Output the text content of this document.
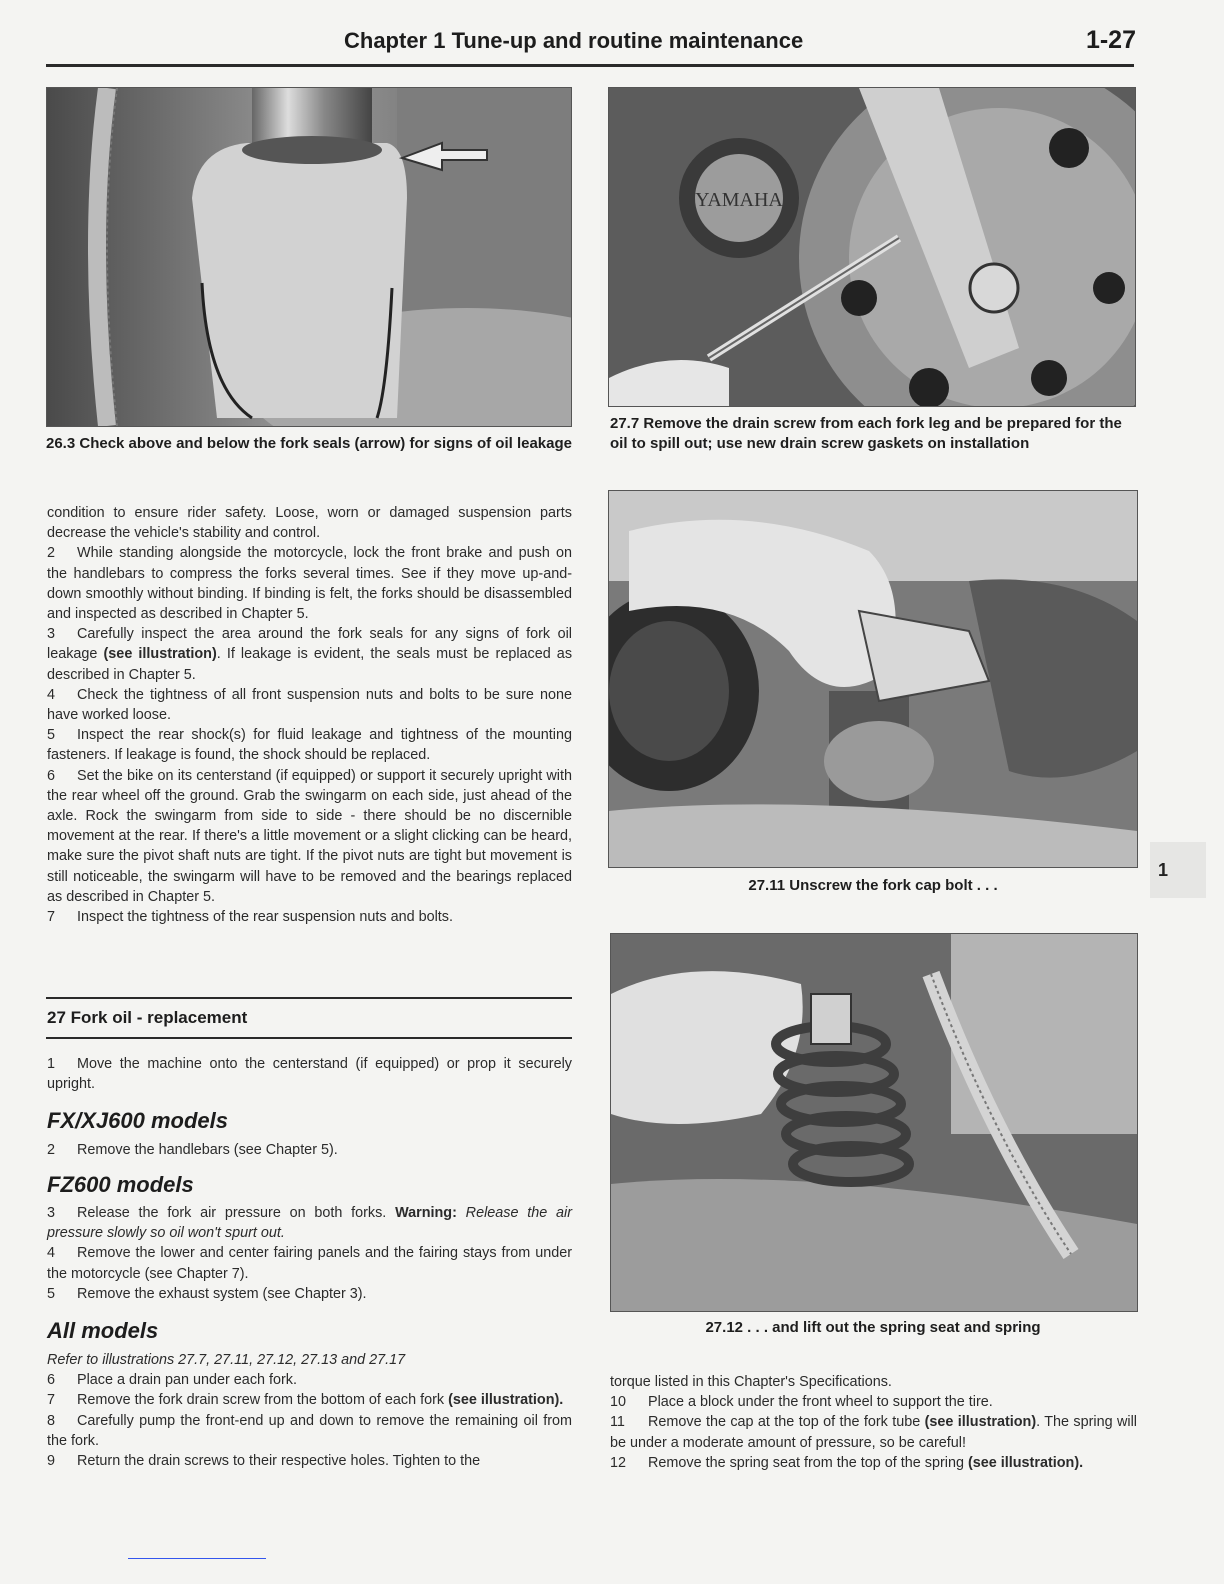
Chapter 1 Tune-up and routine maintenance	1-27
26.3 Check above and below the fork seals (arrow) for signs of oil leakage
YAMAHA
27.7 Remove the drain screw from each fork leg and be prepared for the oil to spill out; use new drain screw gaskets on installation
27.11 Unscrew the fork cap bolt . . .
27.12 . . . and lift out the spring seat and spring

condition to ensure rider safety. Loose, worn or damaged suspension parts decrease the vehicle's stability and control.

2 While standing alongside the motorcycle, lock the front brake and push on the handlebars to compress the forks several times. See if they move up-and-down smoothly without binding. If binding is felt, the forks should be disassembled and inspected as described in Chapter 5.

3 Carefully inspect the area around the fork seals for any signs of fork oil leakage (see illustration). If leakage is evident, the seals must be replaced as described in Chapter 5.

4 Check the tightness of all front suspension nuts and bolts to be sure none have worked loose.

5 Inspect the rear shock(s) for fluid leakage and tightness of the mounting fasteners. If leakage is found, the shock should be replaced.

6 Set the bike on its centerstand (if equipped) or support it securely upright with the rear wheel off the ground. Grab the swingarm on each side, just ahead of the axle. Rock the swingarm from side to side - there should be no discernible movement at the rear. If there's a little movement or a slight clicking can be heard, make sure the pivot shaft nuts are tight. If the pivot nuts are tight but movement is still noticeable, the swingarm will have to be removed and the bearings replaced as described in Chapter 5.

7 Inspect the tightness of the rear suspension nuts and bolts.

27 Fork oil - replacement

1 Move the machine onto the centerstand (if equipped) or prop it securely upright.

FX/XJ600 models

2 Remove the handlebars (see Chapter 5).

FZ600 models

3 Release the fork air pressure on both forks. Warning: Release the air pressure slowly so oil won't spurt out.

4 Remove the lower and center fairing panels and the fairing stays from under the motorcycle (see Chapter 7).

5 Remove the exhaust system (see Chapter 3).

All models

Refer to illustrations 27.7, 27.11, 27.12, 27.13 and 27.17

6 Place a drain pan under each fork.

7 Remove the fork drain screw from the bottom of each fork (see illustration).

8 Carefully pump the front-end up and down to remove the remaining oil from the fork.

9 Return the drain screws to their respective holes. Tighten to the

torque listed in this Chapter's Specifications.

10 Place a block under the front wheel to support the tire.

11 Remove the cap at the top of the fork tube (see illustration). The spring will be under a moderate amount of pressure, so be careful!

12 Remove the spring seat from the top of the spring (see illustration).

1
